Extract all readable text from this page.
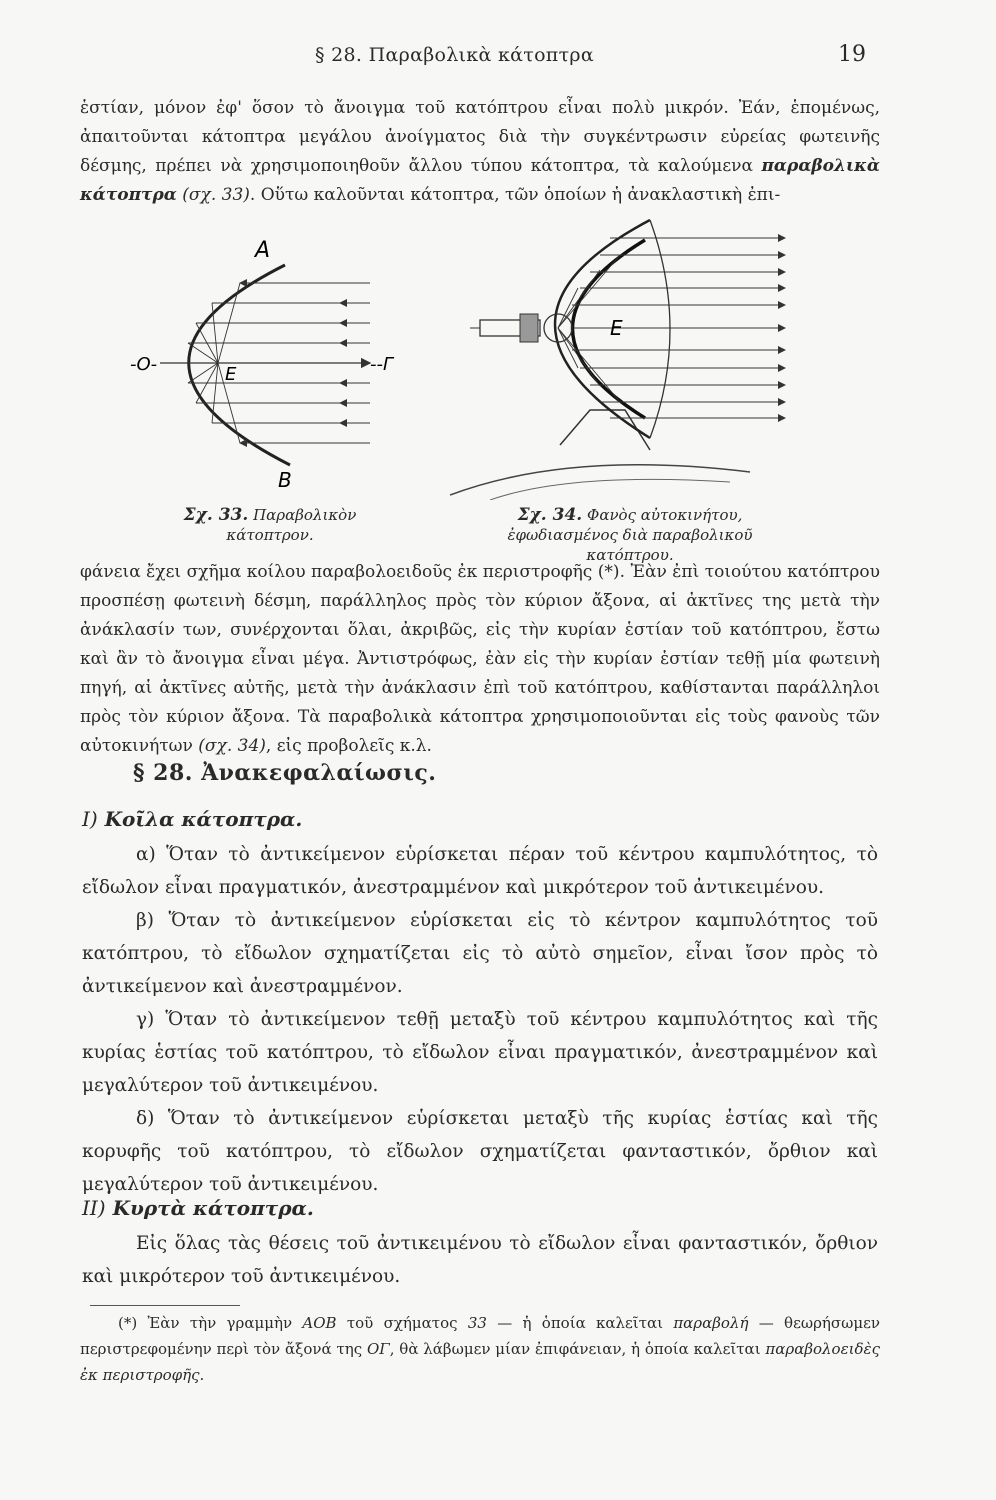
§ 28. Παραβολικὰ κάτοπτρα	19
ἑστίαν, μόνον ἐφ' ὅσον τὸ ἄνοιγμα τοῦ κατόπτρου εἶναι πολὺ μικρόν. Ἐάν, ἑπομένως, ἀπαιτοῦνται κάτοπτρα μεγάλου ἀνοίγματος διὰ τὴν συγκέντρωσιν εὐρείας φωτεινῆς δέσμης, πρέπει νὰ χρησιμοποιηθοῦν ἄλλου τύπου κάτοπτρα, τὰ καλούμενα παραβολικὰ κάτοπτρα (σχ. 33). Οὕτω καλοῦνται κάτοπτρα, τῶν ὁποίων ἡ ἀνακλαστικὴ ἐπι-
A
-O-	E	--Γ
B
Σχ. 33. Παραβολικὸν κάτοπτρον.
E
Σχ. 34. Φανὸς αὐτοκινήτου, ἐφωδιασμένος διὰ παραβολικοῦ κατόπτρου.
φάνεια ἔχει σχῆμα κοίλου παραβολοειδοῦς ἐκ περιστροφῆς (*). Ἐὰν ἐπὶ τοιούτου κατόπτρου προσπέσῃ φωτεινὴ δέσμη, παράλληλος πρὸς τὸν κύριον ἄξονα, αἱ ἀκτῖνες της μετὰ τὴν ἀνάκλασίν των, συνέρχονται ὅλαι, ἀκριβῶς, εἰς τὴν κυρίαν ἑστίαν τοῦ κατόπτρου, ἔστω καὶ ἂν τὸ ἄνοιγμα εἶναι μέγα. Ἀντιστρόφως, ἐὰν εἰς τὴν κυρίαν ἑστίαν τεθῇ μία φωτεινὴ πηγή, αἱ ἀκτῖνες αὐτῆς, μετὰ τὴν ἀνάκλασιν ἐπὶ τοῦ κατόπτρου, καθίστανται παράλληλοι πρὸς τὸν κύριον ἄξονα. Τὰ παραβολικὰ κάτοπτρα χρησιμοποιοῦνται εἰς τοὺς φανοὺς τῶν αὐτοκινήτων (σχ. 34), εἰς προβολεῖς κ.λ.
§ 28. Ἀνακεφαλαίωσις.
I) Κοῖλα κάτοπτρα.
α) Ὅταν τὸ ἀντικείμενον εὑρίσκεται πέραν τοῦ κέντρου καμπυλότητος, τὸ εἴδωλον εἶναι πραγματικόν, ἀνεστραμμένον καὶ μικρότερον τοῦ ἀντικειμένου.
β) Ὅταν τὸ ἀντικείμενον εὑρίσκεται εἰς τὸ κέντρον καμπυλότητος τοῦ κατόπτρου, τὸ εἴδωλον σχηματίζεται εἰς τὸ αὐτὸ σημεῖον, εἶναι ἴσον πρὸς τὸ ἀντικείμενον καὶ ἀνεστραμμένον.
γ) Ὅταν τὸ ἀντικείμενον τεθῇ μεταξὺ τοῦ κέντρου καμπυλότητος καὶ τῆς κυρίας ἑστίας τοῦ κατόπτρου, τὸ εἴδωλον εἶναι πραγματικόν, ἀνεστραμμένον καὶ μεγαλύτερον τοῦ ἀντικειμένου.
δ) Ὅταν τὸ ἀντικείμενον εὑρίσκεται μεταξὺ τῆς κυρίας ἑστίας καὶ τῆς κορυφῆς τοῦ κατόπτρου, τὸ εἴδωλον σχηματίζεται φανταστικόν, ὄρθιον καὶ μεγαλύτερον τοῦ ἀντικειμένου.
II) Κυρτὰ κάτοπτρα.
Εἰς ὅλας τὰς θέσεις τοῦ ἀντικειμένου τὸ εἴδωλον εἶναι φανταστικόν, ὄρθιον καὶ μικρότερον τοῦ ἀντικειμένου.
(*) Ἐὰν τὴν γραμμὴν AOB τοῦ σχήματος 33 — ἡ ὁποία καλεῖται παραβολή — θεωρήσωμεν περιστρεφομένην περὶ τὸν ἄξονά της ΟΓ, θὰ λάβωμεν μίαν ἐπιφάνειαν, ἡ ὁποία καλεῖται παραβολοειδὲς ἐκ περιστροφῆς.
